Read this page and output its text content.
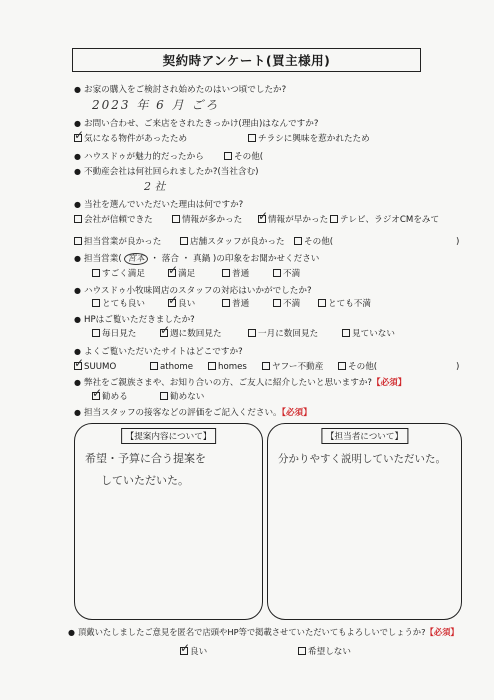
契約時アンケート(買主様用)
● お家の購入をご検討され始めたのはいつ頃でしたか?
2023 年 6 月 ごろ
● お問い合わせ、ご来店をされたきっかけ(理由)はなんですか?
✓ 気になる物件があったため	チラシに興味を惹かれたため
● ハウスドゥが魅力的だったから	その他(
● 不動産会社は何社回られましたか?(当社含む)
2 社
● 当社を選んでいただいた理由は何ですか?
会社が信頼できた	情報が多かった ✓ 情報が早かった	テレビ、ラジオCMをみて
担当営業が良かった	店舗スタッフが良かった	その他(	)
● 担当営業( 宮本 ・ 落合 ・ 真鍋 )の印象をお聞かせください
すごく満足 ✓ 満足	普通	不満
● ハウスドゥ小牧味岡店のスタッフの対応はいかがでしたか?
とても良い ✓ 良い	普通	不満	とても不満
● HPはご覧いただきましたか?
毎日見た ✓ 週に数回見た	一月に数回見た	見ていない
● よくご覧いただいたサイトはどこですか?
✓ SUUMO	athome	homes	ヤフー不動産	その他(	)
● 弊社をご親族さまや、お知り合いの方、ご友人に紹介したいと思いますか?【必須】
✓ 勧める	勧めない
● 担当スタッフの接客などの評価をご記入ください。【必須】
【提案内容について】
希望・予算に合う提案を
していただいた。
【担当者について】
分かりやすく説明していただいた。
● 頂戴いたしましたご意見を匿名で店頭やHP等で掲載させていただいてもよろしいでしょうか?【必須】
✓ 良い	希望しない
